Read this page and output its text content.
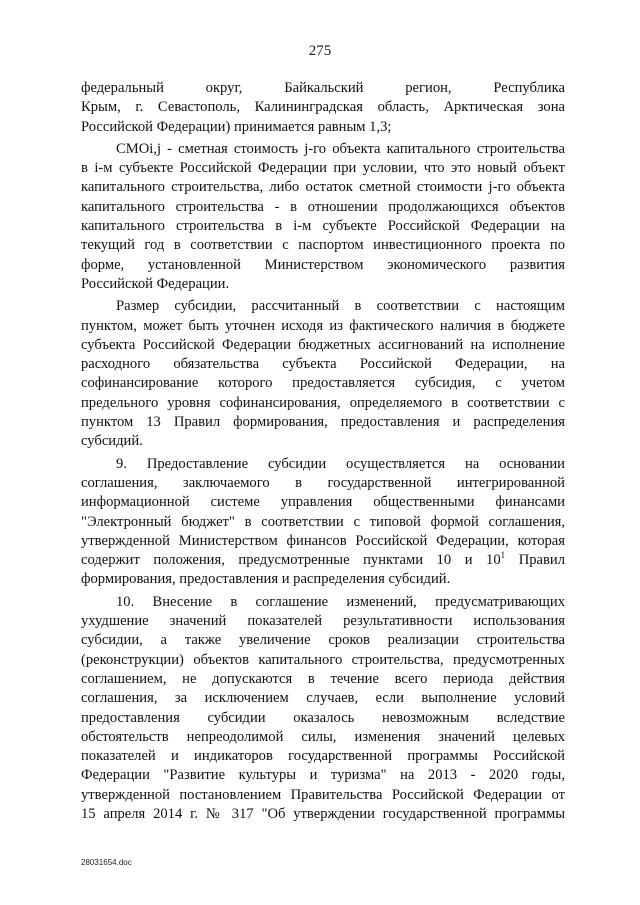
275

федеральный округ, Байкальский регион, Республика
Крым, г. Севастополь, Калининградская область, Арктическая зона
Российской Федерации) принимается равным 1,3;

СМОi,j - сметная стоимость j-го объекта капитального строительства
в i-м субъекте Российской Федерации при условии, что это новый объект
капитального строительства, либо остаток сметной стоимости j-го объекта
капитального строительства - в отношении продолжающихся объектов
капитального строительства в i-м субъекте Российской Федерации на
текущий год в соответствии с паспортом инвестиционного проекта по
форме, установленной Министерством экономического развития
Российской Федерации.

Размер субсидии, рассчитанный в соответствии с настоящим
пунктом, может быть уточнен исходя из фактического наличия в бюджете
субъекта Российской Федерации бюджетных ассигнований на исполнение
расходного обязательства субъекта Российской Федерации, на
софинансирование которого предоставляется субсидия, с учетом
предельного уровня софинансирования, определяемого в соответствии с
пунктом 13 Правил формирования, предоставления и распределения
субсидий.

9. Предоставление субсидии осуществляется на основании
соглашения, заключаемого в государственной интегрированной
информационной системе управления общественными финансами
"Электронный бюджет" в соответствии с типовой формой соглашения,
утвержденной Министерством финансов Российской Федерации, которая
содержит положения, предусмотренные пунктами 10 и $10^1$ Правил
формирования, предоставления и распределения субсидий.

10. Внесение в соглашение изменений, предусматривающих
ухудшение значений показателей результативности использования
субсидии, а также увеличение сроков реализации строительства
(реконструкции) объектов капитального строительства, предусмотренных
соглашением, не допускаются в течение всего периода действия
соглашения, за исключением случаев, если выполнение условий
предоставления субсидии оказалось невозможным вследствие
обстоятельств непреодолимой силы, изменения значений целевых
показателей и индикаторов государственной программы Российской
Федерации "Развитие культуры и туризма" на 2013 - 2020 годы,
утвержденной постановлением Правительства Российской Федерации от
15 апреля 2014 г. № 317 "Об утверждении государственной программы

28031654.doc
